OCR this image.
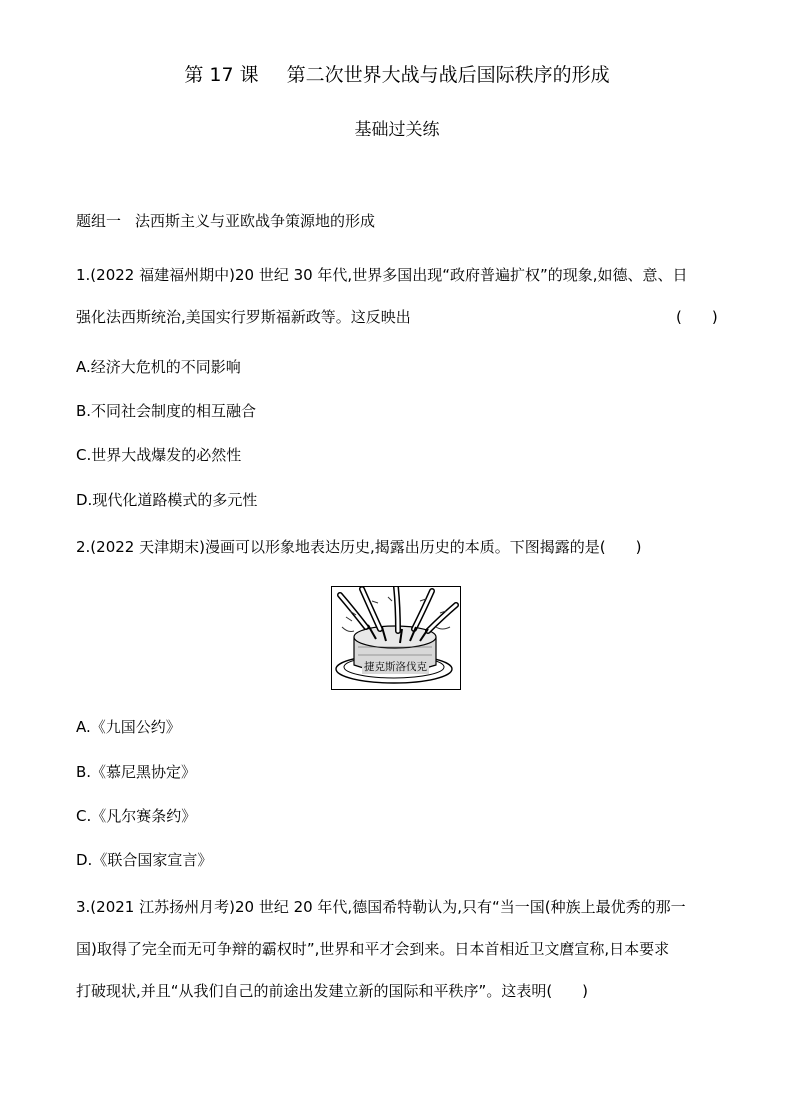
第 17 课 第二次世界大战与战后国际秩序的形成
基础过关练
题组一 法西斯主义与亚欧战争策源地的形成
1.(2022 福建福州期中)20 世纪 30 年代,世界多国出现“政府普遍扩权”的现象,如德、意、日
强化法西斯统治,美国实行罗斯福新政等。这反映出	(　　)
A.经济大危机的不同影响
B.不同社会制度的相互融合
C.世界大战爆发的必然性
D.现代化道路模式的多元性
2.(2022 天津期末)漫画可以形象地表达历史,揭露出历史的本质。下图揭露的是(　　)
捷克斯洛伐克
A.《九国公约》
B.《慕尼黑协定》
C.《凡尔赛条约》
D.《联合国家宣言》
3.(2021 江苏扬州月考)20 世纪 20 年代,德国希特勒认为,只有“当一国(种族上最优秀的那一
国)取得了完全而无可争辩的霸权时”,世界和平才会到来。日本首相近卫文麿宣称,日本要求
打破现状,并且“从我们自己的前途出发建立新的国际和平秩序”。这表明(　　)
